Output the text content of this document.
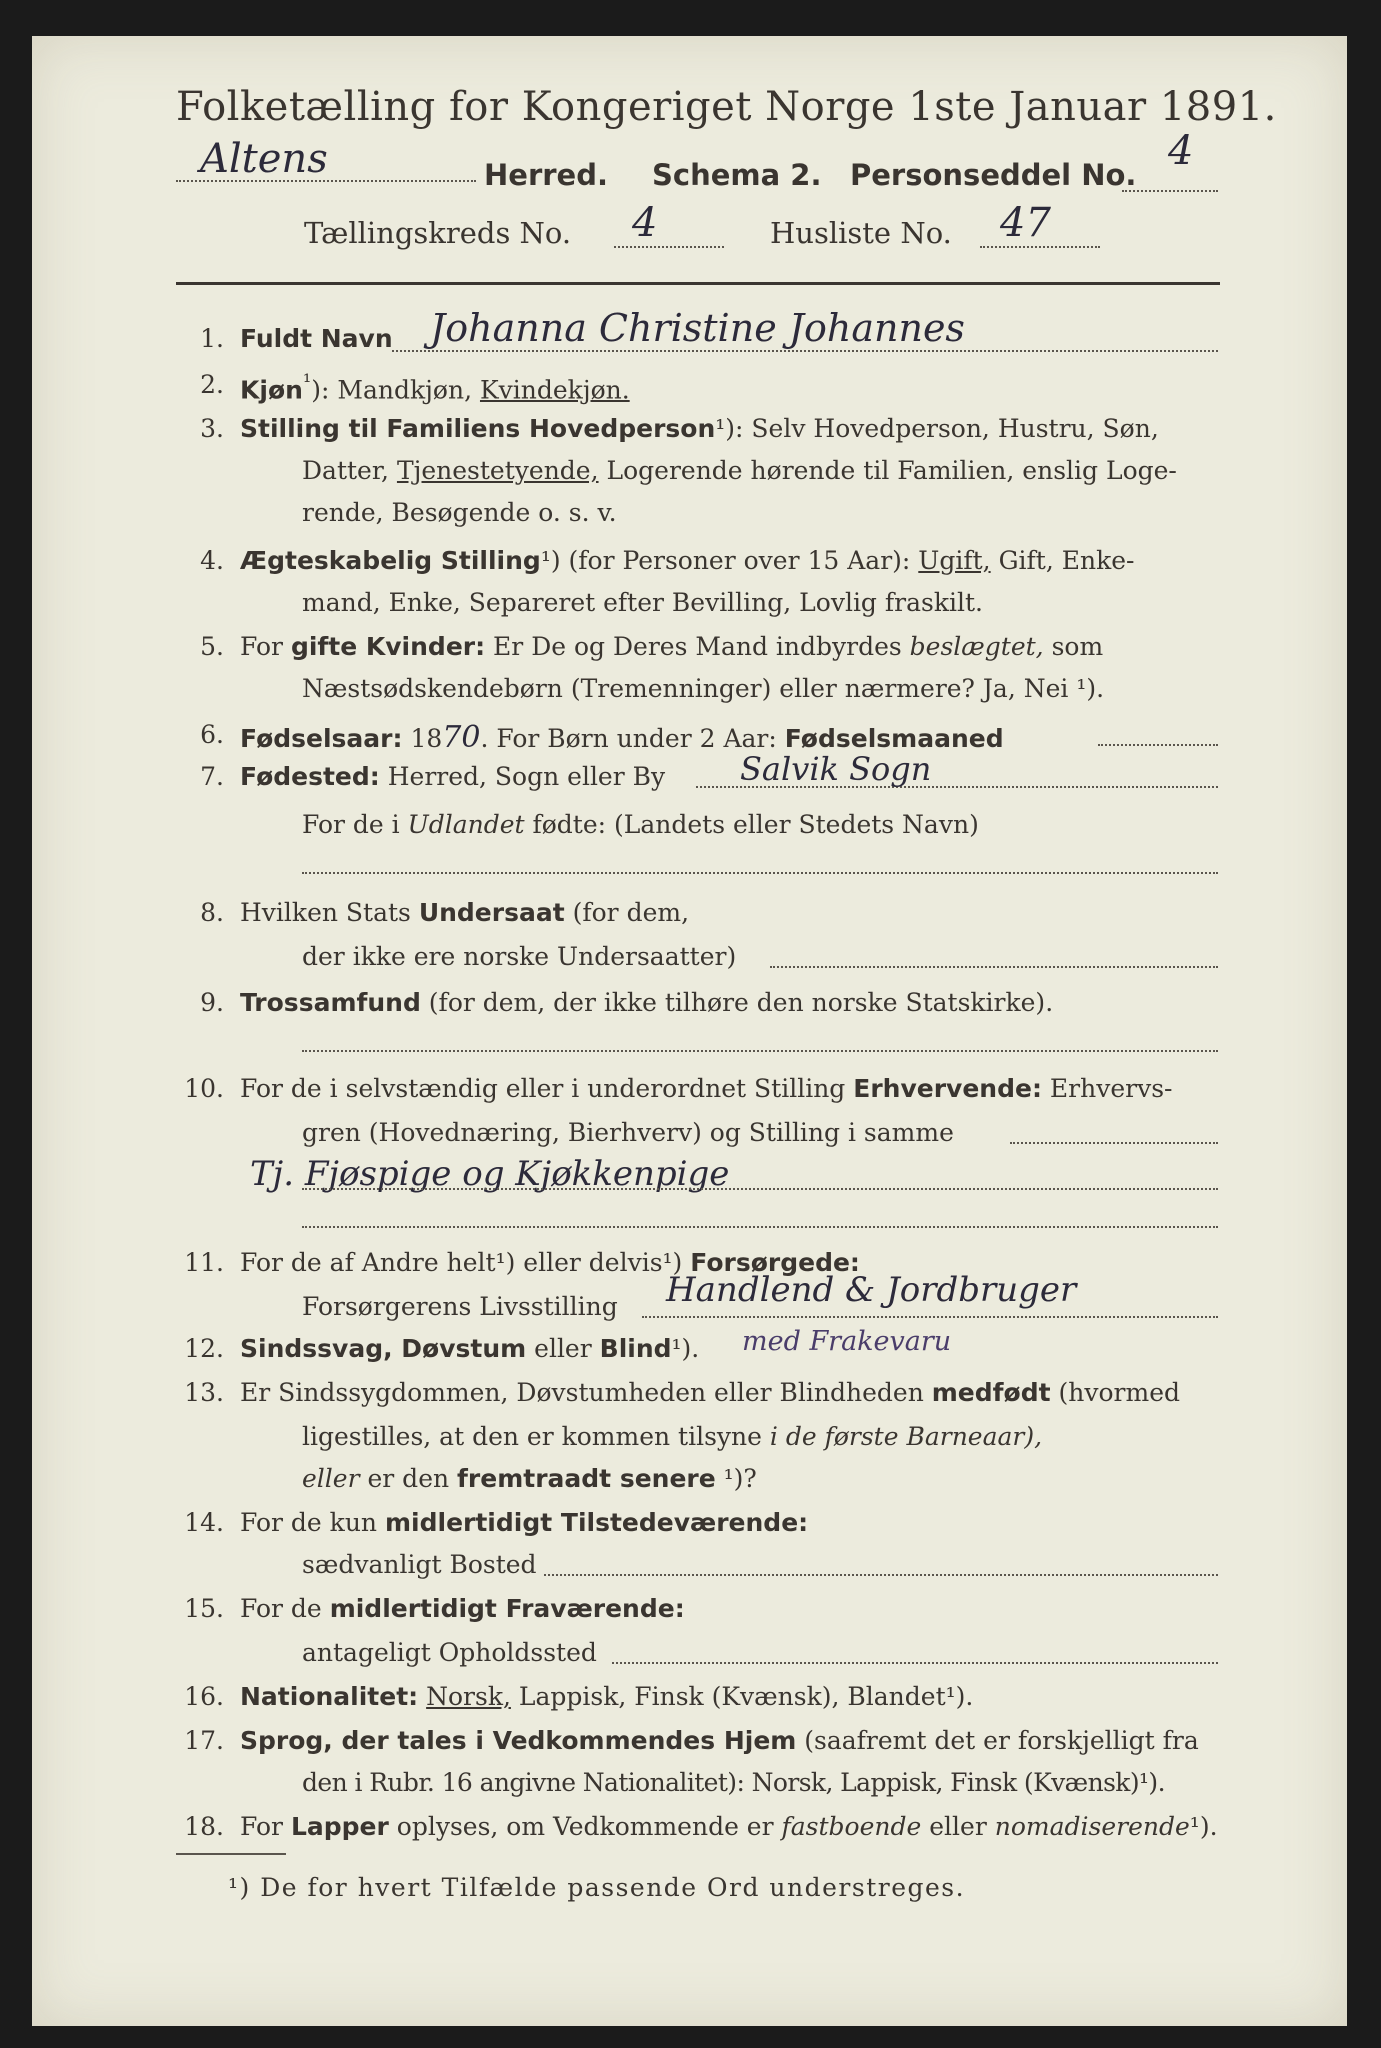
Folketælling for Kongeriget Norge 1ste Januar 1891.
Altens	Herred. Schema 2. Personseddel No.
4
Tællingskreds No. 4	Husliste No. 47
1. Fuldt Navn Johanna Christine Johannes
2. Kjøn$^{^1}$): Mandkjøn, Kvindekjøn.
3. Stilling til Familiens Hovedperson¹): Selv Hovedperson, Hustru, Søn,
Datter, Tjenestetyende, Logerende hørende til Familien, enslig Loge-
rende, Besøgende o. s. v.
4. Ægteskabelig Stilling¹) (for Personer over 15 Aar): Ugift, Gift, Enke-
mand, Enke, Separeret efter Bevilling, Lovlig fraskilt.
5. For gifte Kvinder: Er De og Deres Mand indbyrdes beslægtet, som
Næstsødskendebørn (Tremenninger) eller nærmere? Ja, Nei ¹).
6. Fødselsaar: 1870. For Børn under 2 Aar: Fødselsmaaned
7. Fødested: Herred, Sogn eller By Salvik Sogn
For de i Udlandet fødte: (Landets eller Stedets Navn)
8. Hvilken Stats Undersaat (for dem,
der ikke ere norske Undersaatter)
9. Trossamfund (for dem, der ikke tilhøre den norske Statskirke).
10. For de i selvstændig eller i underordnet Stilling Erhvervende: Erhvervs-
gren (Hovednæring, Bierhverv) og Stilling i samme
Tj. Fjøspige og Kjøkkenpige
11. For de af Andre helt¹) eller delvis¹) Forsørgede:
Forsørgerens Livsstilling Handlend & Jordbruger
12. Sindssvag, Døvstum eller Blind¹). med Frakevaru
13. Er Sindssygdommen, Døvstumheden eller Blindheden medfødt (hvormed
ligestilles, at den er kommen tilsyne i de første Barneaar),
eller er den fremtraadt senere ¹)?
14. For de kun midlertidigt Tilstedeværende:
sædvanligt Bosted
15. For de midlertidigt Fraværende:
antageligt Opholdssted
16. Nationalitet: Norsk, Lappisk, Finsk (Kvænsk), Blandet¹).
17. Sprog, der tales i Vedkommendes Hjem (saafremt det er forskjelligt fra
den i Rubr. 16 angivne Nationalitet): Norsk, Lappisk, Finsk (Kvænsk)¹).
18. For Lapper oplyses, om Vedkommende er fastboende eller nomadiserende¹).
¹) De for hvert Tilfælde passende Ord understreges.
